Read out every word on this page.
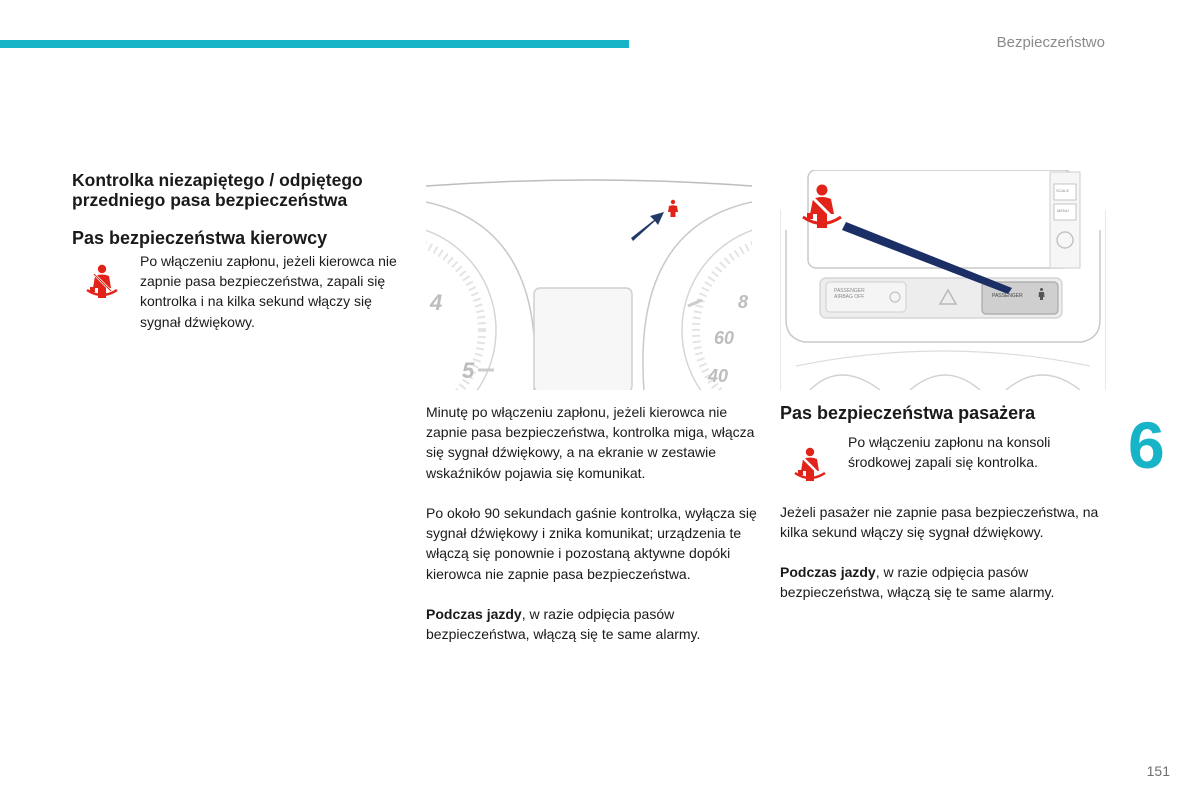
Bezpieczeństwo
6
Kontrolka niezapiętego / odpiętego przedniego pasa bezpieczeństwa
Pas bezpieczeństwa kierowcy

Po włączeniu zapłonu, jeżeli kierowca nie zapnie pasa bezpieczeństwa, zapali się kontrolka i na kilka sekund włączy się sygnał dźwiękowy.

4
5
8
60
40

Minutę po włączeniu zapłonu, jeżeli kierowca nie zapnie pasa bezpieczeństwa, kontrolka miga, włącza się sygnał dźwiękowy, a na ekranie w zestawie wskaźników pojawia się komunikat.

Po około 90 sekundach gaśnie kontrolka, wyłącza się sygnał dźwiękowy i znika komunikat; urządzenia te włączą się ponownie i pozostaną aktywne dopóki kierowca nie zapnie pasa bezpieczeństwa.

Podczas jazdy, w razie odpięcia pasów bezpieczeństwa, włączą się te same alarmy.

PASSENGER
AIRBAG OFF	PASSENGER
SCALE
MENU
Pas bezpieczeństwa pasażera

Po włączeniu zapłonu na konsoli środkowej zapali się kontrolka.

Jeżeli pasażer nie zapnie pasa bezpieczeństwa, na kilka sekund włączy się sygnał dźwiękowy.

Podczas jazdy, w razie odpięcia pasów bezpieczeństwa, włączą się te same alarmy.

151
